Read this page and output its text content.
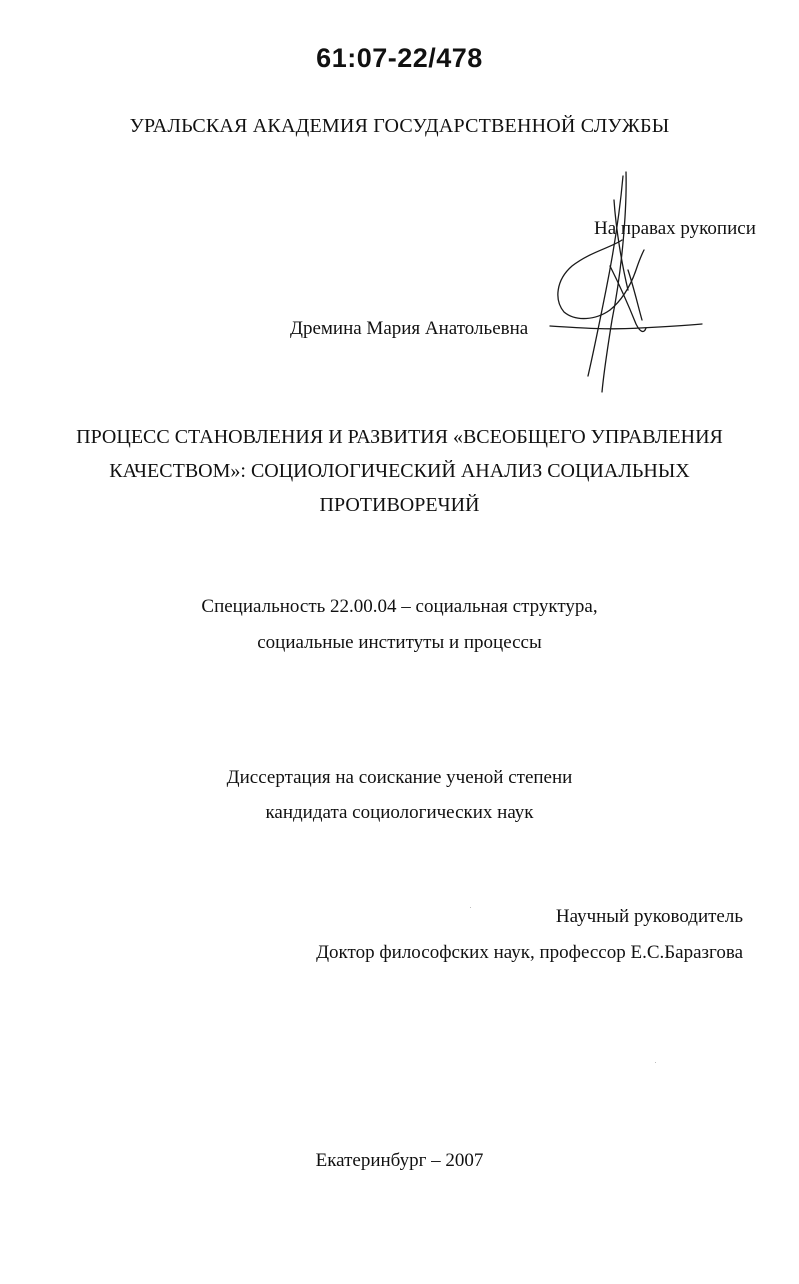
61:07-22/478
УРАЛЬСКАЯ АКАДЕМИЯ ГОСУДАРСТВЕННОЙ СЛУЖБЫ
На правах рукописи
Дремина Мария Анатольевна
ПРОЦЕСС СТАНОВЛЕНИЯ И РАЗВИТИЯ «ВСЕОБЩЕГО УПРАВЛЕНИЯ
КАЧЕСТВОМ»: СОЦИОЛОГИЧЕСКИЙ АНАЛИЗ СОЦИАЛЬНЫХ
ПРОТИВОРЕЧИЙ
Специальность 22.00.04 – социальная структура,
социальные институты и процессы
Диссертация на соискание ученой степени
кандидата социологических наук
Научный руководитель
Доктор философских наук, профессор Е.С.Баразгова
Екатеринбург – 2007
